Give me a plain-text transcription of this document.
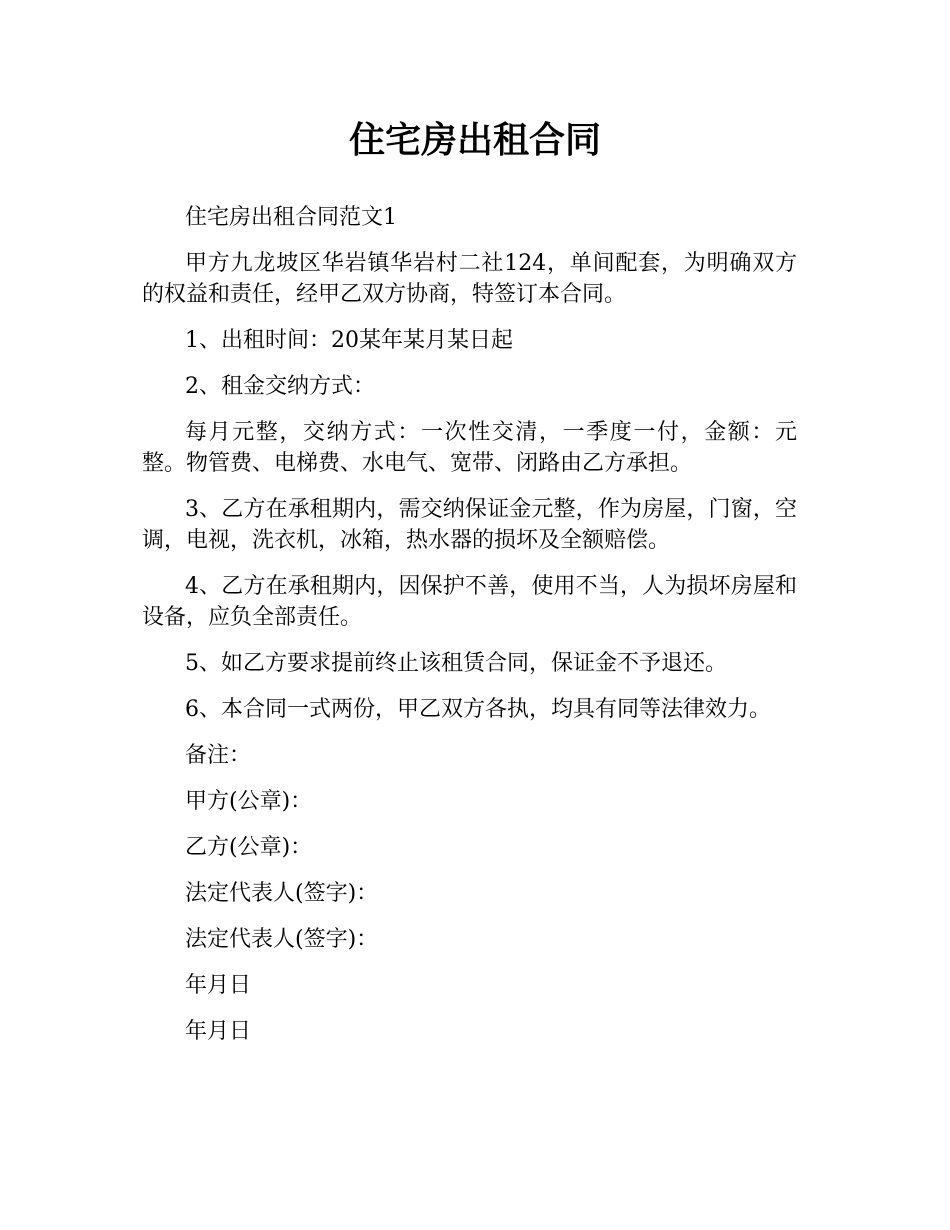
住宅房出租合同

住宅房出租合同范文1

甲方九龙坡区华岩镇华岩村二社124，单间配套，为明确双方的权益和责任，经甲乙双方协商，特签订本合同。

1、出租时间：20某年某月某日起

2、租金交纳方式：

每月元整，交纳方式：一次性交清，一季度一付，金额：元整。物管费、电梯费、水电气、宽带、闭路由乙方承担。

3、乙方在承租期内，需交纳保证金元整，作为房屋，门窗，空调，电视，洗衣机，冰箱，热水器的损坏及全额赔偿。

4、乙方在承租期内，因保护不善，使用不当，人为损坏房屋和设备，应负全部责任。

5、如乙方要求提前终止该租赁合同，保证金不予退还。

6、本合同一式两份，甲乙双方各执，均具有同等法律效力。

备注：

甲方(公章)：

乙方(公章)：

法定代表人(签字)：

法定代表人(签字)：

年月日

年月日
